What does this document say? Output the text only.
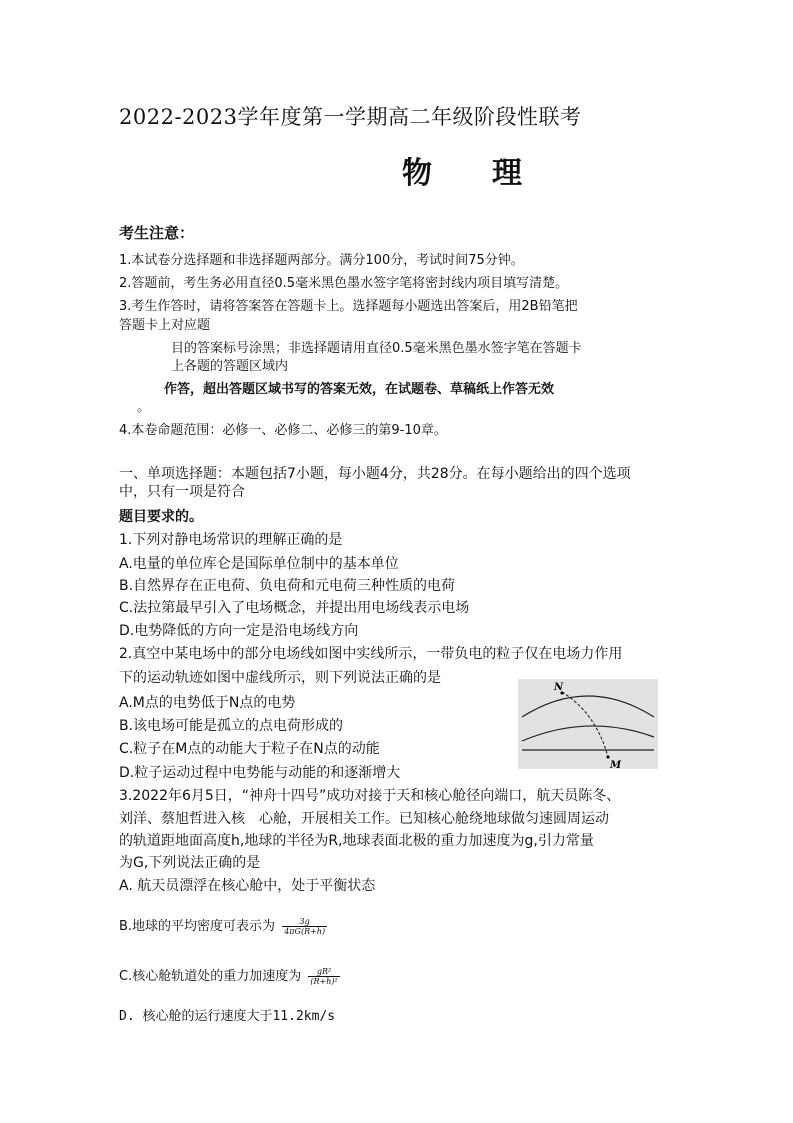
2022-2023学年度第一学期高二年级阶段性联考
物 理
考生注意：
1.本试卷分选择题和非选择题两部分。满分100分，考试时间75分钟。
2.答题前，考生务必用直径0.5毫米黑色墨水签字笔将密封线内项目填写清楚。
3.考生作答时，请将答案答在答题卡上。选择题每小题选出答案后，用2B铅笔把
答题卡上对应题
目的答案标号涂黑；非选择题请用直径0.5毫米黑色墨水签字笔在答题卡
上各题的答题区域内
作答，超出答题区域书写的答案无效，在试题卷、草稿纸上作答无效
。
4.本卷命题范围：必修一、必修二、必修三的第9-10章。
一、单项选择题：本题包括7小题，每小题4分，共28分。在每小题给出的四个选项
中，只有一项是符合
题目要求的。
1.下列对静电场常识的理解正确的是
A.电量的单位库仑是国际单位制中的基本单位
B.自然界存在正电荷、负电荷和元电荷三种性质的电荷
C.法拉第最早引入了电场概念，并提出用电场线表示电场
D.电势降低的方向一定是沿电场线方向
2.真空中某电场中的部分电场线如图中实线所示，一带负电的粒子仅在电场力作用
下的运动轨迹如图中虚线所示，则下列说法正确的是
A.M点的电势低于N点的电势
B.该电场可能是孤立的点电荷形成的
C.粒子在M点的动能大于粒子在N点的动能
D.粒子运动过程中电势能与动能的和逐渐增大
N
M
3.2022年6月5日，“神舟十四号”成功对接于天和核心舱径向端口，航天员陈冬、
刘洋、蔡旭哲进入核　心舱，开展相关工作。已知核心舱绕地球做匀速圆周运动
的轨道距地面高度h,地球的半径为R,地球表面北极的重力加速度为g,引力常量
为G,下列说法正确的是
A. 航天员漂浮在核心舱中，处于平衡状态
B.地球的平均密度可表示为 $\frac{3g}{4\pi G(R+h)}$
C.核心舱轨道处的重力加速度为 $\frac{\text{gR²}}{\text{(R+h)²}}$
D. 核心舱的运行速度大于11.2km/s
